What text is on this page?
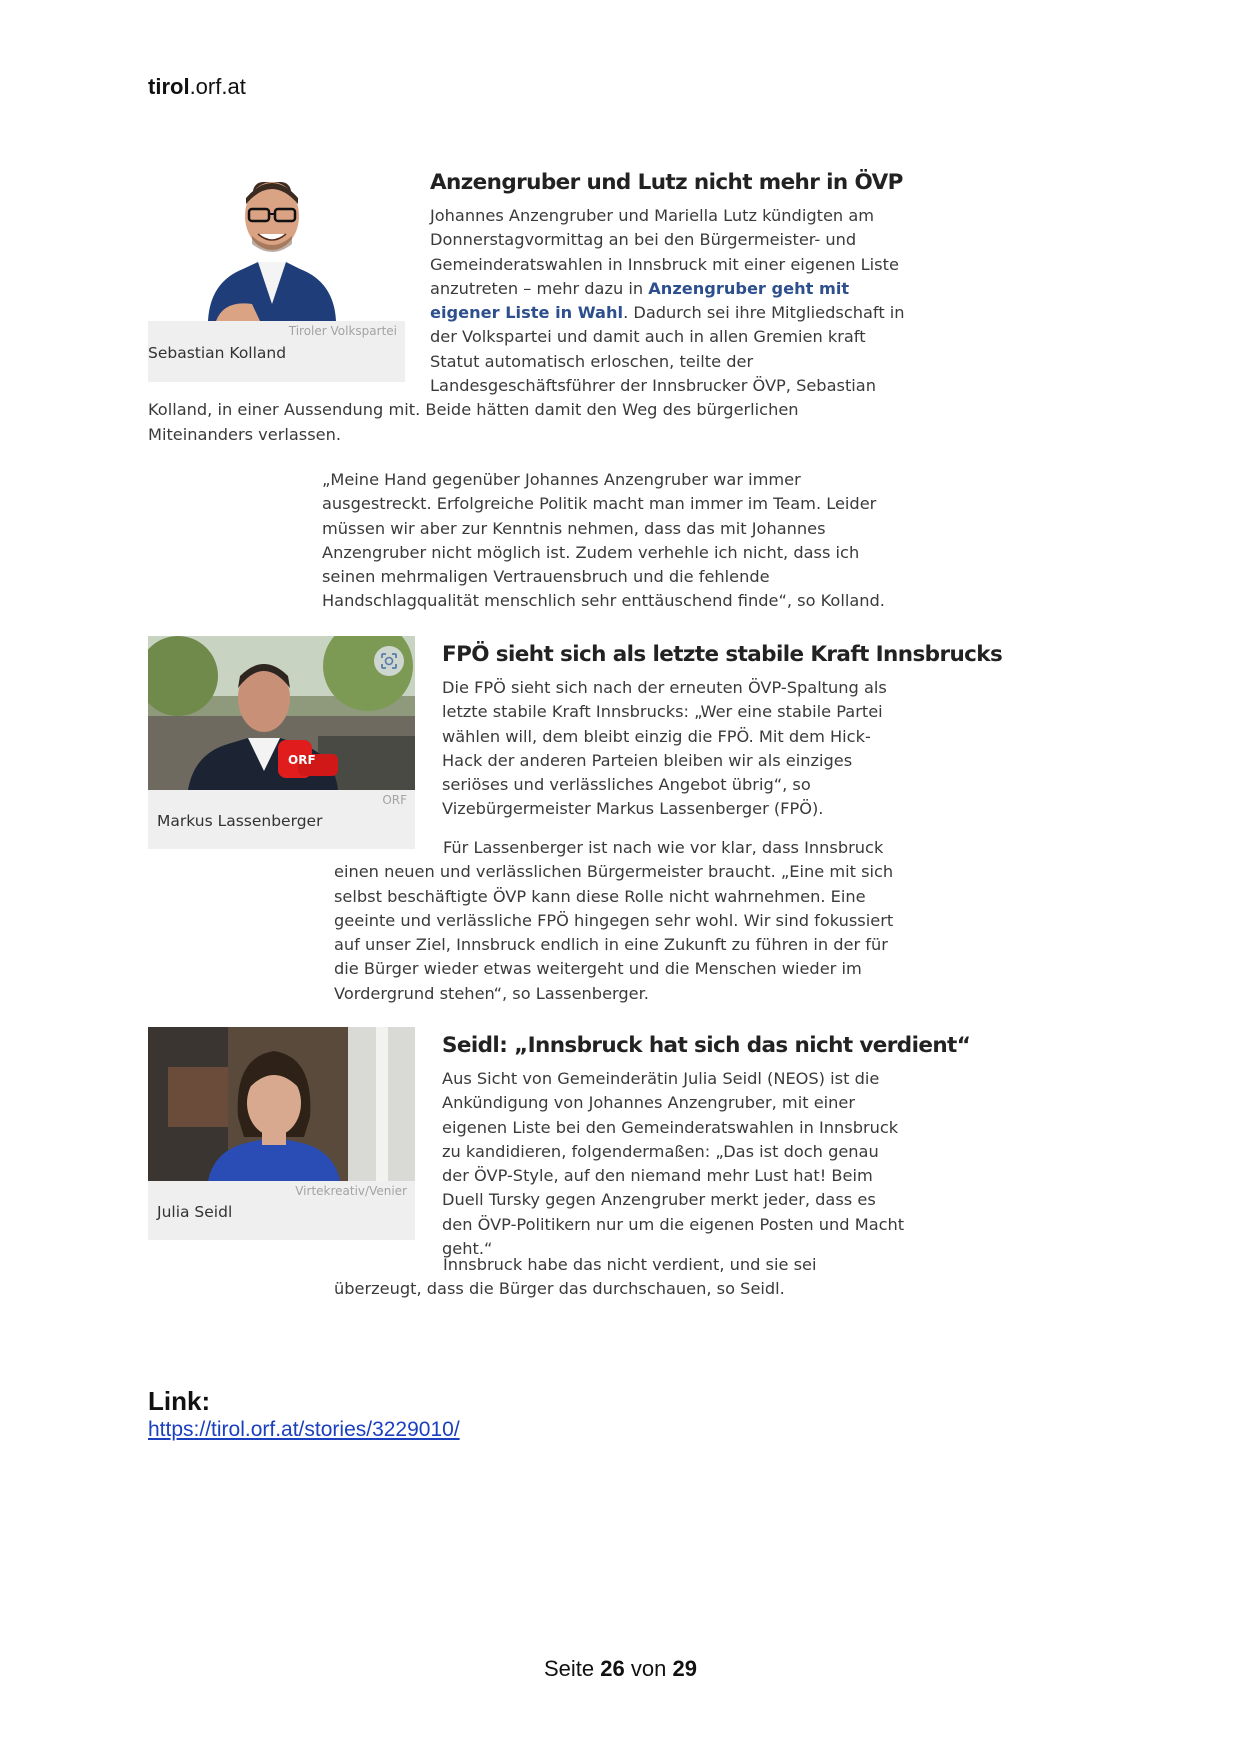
tirol.orf.at
Tiroler Volkspartei
Sebastian Kolland
Anzengruber und Lutz nicht mehr in ÖVP

Johannes Anzengruber und Mariella Lutz kündigten am Donnerstagvormittag an bei den Bürgermeister- und Gemeinderatswahlen in Innsbruck mit einer eigenen Liste anzutreten – mehr dazu in Anzengruber geht mit eigener Liste in Wahl. Dadurch sei ihre Mitgliedschaft in der Volkspartei und damit auch in allen Gremien kraft Statut automatisch erloschen, teilte der Landesgeschäftsführer der Innsbrucker ÖVP, Sebastian Kolland, in einer Aussendung mit. Beide hätten damit den Weg des bürgerlichen Miteinanders verlassen.

„Meine Hand gegenüber Johannes Anzengruber war immer ausgestreckt. Erfolgreiche Politik macht man immer im Team. Leider müssen wir aber zur Kenntnis nehmen, dass das mit Johannes Anzengruber nicht möglich ist. Zudem verhehle ich nicht, dass ich seinen mehrmaligen Vertrauensbruch und die fehlende Handschlagqualität menschlich sehr enttäuschend finde“, so Kolland.

ORF
ORF
Markus Lassenberger
FPÖ sieht sich als letzte stabile Kraft Innsbrucks

Die FPÖ sieht sich nach der erneuten ÖVP-Spaltung als letzte stabile Kraft Innsbrucks: „Wer eine stabile Partei wählen will, dem bleibt einzig die FPÖ. Mit dem Hick-Hack der anderen Parteien bleiben wir als einziges seriöses und verlässliches Angebot übrig“, so Vizebürgermeister Markus Lassenberger (FPÖ).

Für Lassenberger ist nach wie vor klar, dass Innsbruck einen neuen und verlässlichen Bürgermeister braucht. „Eine mit sich selbst beschäftigte ÖVP kann diese Rolle nicht wahrnehmen. Eine geeinte und verlässliche FPÖ hingegen sehr wohl. Wir sind fokussiert auf unser Ziel, Innsbruck endlich in eine Zukunft zu führen in der für die Bürger wieder etwas weitergeht und die Menschen wieder im Vordergrund stehen“, so Lassenberger.

Virtekreativ/Venier
Julia Seidl
Seidl: „Innsbruck hat sich das nicht verdient“

Aus Sicht von Gemeinderätin Julia Seidl (NEOS) ist die Ankündigung von Johannes Anzengruber, mit einer eigenen Liste bei den Gemeinderatswahlen in Innsbruck zu kandidieren, folgendermaßen: „Das ist doch genau der ÖVP-Style, auf den niemand mehr Lust hat! Beim Duell Tursky gegen Anzengruber merkt jeder, dass es den ÖVP-Politikern nur um die eigenen Posten und Macht geht.“

Innsbruck habe das nicht verdient, und sie sei überzeugt, dass die Bürger das durchschauen, so Seidl.

Link:
https://tirol.orf.at/stories/3229010/
Seite 26 von 29
